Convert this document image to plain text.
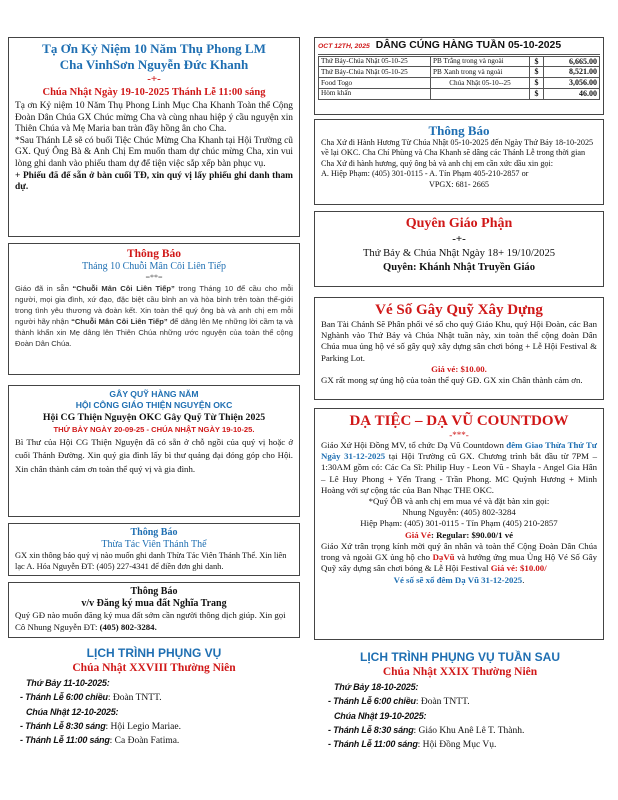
Tạ Ơn Kỷ Niệm 10 Năm Thụ Phong LM
Cha VinhSơn Nguyễn Đức Khanh
-+-
Chúa Nhật Ngày 19-10-2025 Thánh Lễ 11:00 sáng
Tạ ơn Kỷ niệm 10 Năm Thụ Phong Linh Mục Cha Khanh Toàn thể Cộng Đoàn Dân Chúa GX Chúc mừng Cha và cùng nhau hiệp ý cầu nguyện xin Thiên Chúa và Mẹ Maria ban tràn đầy hồng ân cho Cha.
*Sau Thánh Lễ sẽ có buổi Tiệc Chúc Mừng Cha Khanh tại Hội Trường cũ GX. Quý Ông Bà & Anh Chị Em muốn tham dự chúc mừng Cha, xin vui lòng ghi danh vào phiếu tham dự để tiện việc sắp xếp bàn phục vụ.
+ Phiếu đã để sẵn ở bàn cuối TĐ, xin quý vị lấy phiếu ghi danh tham dự.
Thông Báo
Tháng 10 Chuỗi Mân Côi Liên Tiếp
=**=
Giáo đã in sẵn “Chuỗi Mân Côi Liên Tiếp” trong Tháng 10 để cầu cho mỗi người, mọi gia đình, xứ đạo, đặc biệt cầu bình an và hòa bình trên toàn thế-giới trong tình yêu thương và đoàn kết. Xin toàn thể quý ông bà và anh chị em mỗi người hãy nhận “Chuỗi Mân Côi Liên Tiếp” để dâng lên Mẹ những lời cầm tạ và thành khẩn xin Mẹ dâng lên Thiên Chúa những ước nguyện của toàn thể cộng Đoàn Dân Chúa.
GÂY QUỸ HÀNG NĂM
HỘI CÔNG GIÁO THIỆN NGUYỆN OKC
Hội CG Thiện Nguyện OKC Gây Quỹ Từ Thiện 2025
THỨ BẢY NGÀY 20-09-25 - CHÚA NHẬT NGÀY 19-10-25.
Bì Thư của Hội CG Thiện Nguyện đã có sẵn ở chỗ ngồi của quý vị hoặc ở cuối Thánh Đường. Xin quý gia đình lấy bì thư quảng đại đóng góp cho Hội. Xin chân thành cảm ơn toàn thể quý vị và gia đình.
Thông Báo
Thừa Tác Viên Thánh Thể
GX xin thông báo quý vị nào muốn ghi danh Thừa Tác Viên Thánh Thể. Xin liên lạc A. Hóa Nguyễn ĐT: (405) 227-4341 để điền đơn ghi danh.
Thông Báo
v/v Đăng ký mua đất Nghĩa Trang
Quý GĐ nào muốn đăng ký mua đất sớm cần người thông dịch giúp. Xin gọi Cô Nhung Nguyễn ĐT: (405) 802-3284.
OCT 12TH, 2025 DÂNG CÚNG HÀNG TUẦN 05-10-2025
Thứ Bảy-Chúa Nhật 05-10-25	PB Trắng trong và ngoài	$	6,665.00
Thứ Bảy-Chúa Nhật 05-10-25	PB Xanh trong và ngoài	$	8,521.00
Food Togo	Chúa Nhật 05-10--25	$	3,056.00
Hòm khấn		$	46.00
Thông Báo
Cha Xứ đi Hành Hương Từ Chúa Nhật 05-10-2025 đến Ngày Thứ Bảy 18-10-2025 về lại OKC. Cha Chí Phùng và Cha Khanh sẽ dâng các Thánh Lễ trong thời gian Cha Xứ đi hành hương, quý ông bà và anh chị em cần xức dầu xin gọi:
A. Hiệp Phạm: (405) 301-0115 - A. Tín Phạm 405-210-2857 or
VPGX: 681- 2665
Quyên Giáo Phận
-+-
Thứ Bảy & Chúa Nhật Ngày 18+ 19/10/2025
Quyên: Khánh Nhật Truyền Giáo
Vé Số Gây Quỹ Xây Dựng
Ban Tài Chánh Sẽ Phân phối vé số cho quý Giáo Khu, quý Hội Đoàn, các Ban Nghành vào Thứ Bảy và Chúa Nhật tuần này, xin toàn thể cộng đoàn Dân Chúa mua ủng hộ vé số gây quỹ xây dựng sân chơi bóng + Lễ Hội Festival & Parking Lot.
Giá vé: $10.00.
GX rất mong sự ủng hộ của toàn thể quý GĐ. GX xin Chân thành cảm ơn.
DẠ TIỆC – DẠ VŨ COUNTDOW
-***-
Giáo Xứ Hội Đồng MV, tổ chức Dạ Vũ Countdown đêm Giao Thừa Thứ Tư Ngày 31-12-2025 tại Hội Trường cũ GX. Chương trình bắt đầu từ 7PM – 1:30AM gồm có: Các Ca Sĩ: Philip Huy - Leon Vũ - Shayla - Angel Gia Hân – Lê Huy Phong + Yến Trang - Trần Phong. MC Quỳnh Hương + Minh Hoàng với sự cộng tác của Ban Nhạc THE OKC.
*Quý ÔB và anh chị em mua vé và đặt bàn xin gọi:
Nhung Nguyễn: (405) 802-3284
Hiệp Phạm: (405) 301-0115 - Tín Phạm (405) 210-2857
Giá Vé: Regular: $90.00/1 vé
Giáo Xứ trân trọng kính mời quý ân nhân và toàn thể Cộng Đoàn Dân Chúa trong và ngoài GX ủng hộ cho DạVũ và hướng ứng mua Ủng Hộ Vé Số Gây Quỹ xây dựng sân chơi bóng & Lễ Hội Festival Giá vé: $10.00/
Vé số sẽ xổ đêm Dạ Vũ 31-12-2025.
LỊCH TRÌNH PHỤNG VỤ
Chúa Nhật XXVIII Thường Niên
Thứ Bảy 11-10-2025:
- Thánh Lễ 6:00 chiều: Đoàn TNTT.
Chúa Nhật 12-10-2025:
- Thánh Lễ 8:30 sáng: Hội Legio Mariae.
- Thánh Lễ 11:00 sáng: Ca Đoàn Fatima.
LỊCH TRÌNH PHỤNG VỤ TUẦN SAU
Chúa Nhật XXIX Thường Niên
Thứ Bảy 18-10-2025:
- Thánh Lễ 6:00 chiều: Đoàn TNTT.
Chúa Nhật 19-10-2025:
- Thánh Lễ 8:30 sáng: Giáo Khu Anê Lê T. Thành.
- Thánh Lễ 11:00 sáng: Hội Đồng Mục Vụ.
